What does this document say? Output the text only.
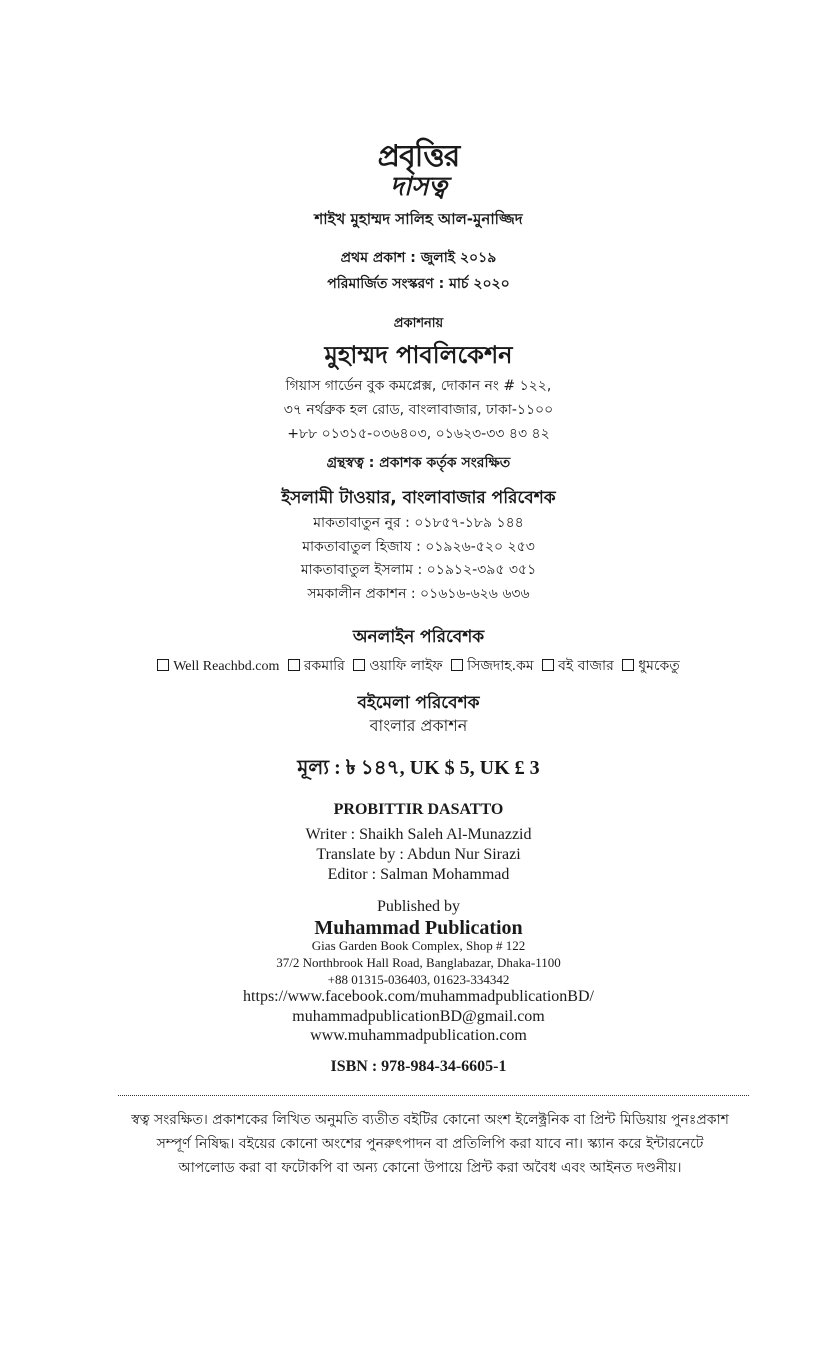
প্রবৃত্তির
দাসত্ব
শাইখ মুহাম্মদ সালিহ আল-মুনাজ্জিদ
প্রথম প্রকাশ : জুলাই ২০১৯
পরিমার্জিত সংস্করণ : মার্চ ২০২০
প্রকাশনায়
মুহাম্মদ পাবলিকেশন
গিয়াস গার্ডেন বুক কমপ্লেক্স, দোকান নং # ১২২,
৩৭ নর্থব্রুক হল রোড, বাংলাবাজার, ঢাকা-১১০০
+৮৮ ০১৩১৫-০৩৬৪০৩, ০১৬২৩-৩৩ ৪৩ ৪২
গ্রন্থস্বত্ব : প্রকাশক কর্তৃক সংরক্ষিত
ইসলামী টাওয়ার, বাংলাবাজার পরিবেশক
মাকতাবাতুন নুর : ০১৮৫৭-১৮৯ ১৪৪
মাকতাবাতুল হিজায : ০১৯২৬-৫২০ ২৫৩
মাকতাবাতুল ইসলাম : ০১৯১২-৩৯৫ ৩৫১
সমকালীন প্রকাশন : ০১৬১৬-৬২৬ ৬৩৬
অনলাইন পরিবেশক
Well Reachbd.com রকমারি ওয়াফি লাইফ সিজদাহ.কম বই বাজার ধুমকেতু
বইমেলা পরিবেশক
বাংলার প্রকাশন
মূল্য : ৳ ১৪৭, UK $ 5, UK £ 3
PROBITTIR DASATTO
Writer : Shaikh Saleh Al-Munazzid
Translate by : Abdun Nur Sirazi
Editor : Salman Mohammad
Published by
Muhammad Publication
Gias Garden Book Complex, Shop # 122
37/2 Northbrook Hall Road, Banglabazar, Dhaka-1100
+88 01315-036403, 01623-334342
https://www.facebook.com/muhammadpublicationBD/
muhammadpublicationBD@gmail.com
www.muhammadpublication.com
ISBN : 978-984-34-6605-1
স্বত্ব সংরক্ষিত। প্রকাশকের লিখিত অনুমতি ব্যতীত বইটির কোনো অংশ ইলেক্ট্রনিক বা প্রিন্ট মিডিয়ায় পুনঃপ্রকাশ
সম্পূর্ণ নিষিদ্ধ। বইয়ের কোনো অংশের পুনরুৎপাদন বা প্রতিলিপি করা যাবে না। স্ক্যান করে ইন্টারনেটে
আপলোড করা বা ফটোকপি বা অন্য কোনো উপায়ে প্রিন্ট করা অবৈধ এবং আইনত দণ্ডনীয়।
